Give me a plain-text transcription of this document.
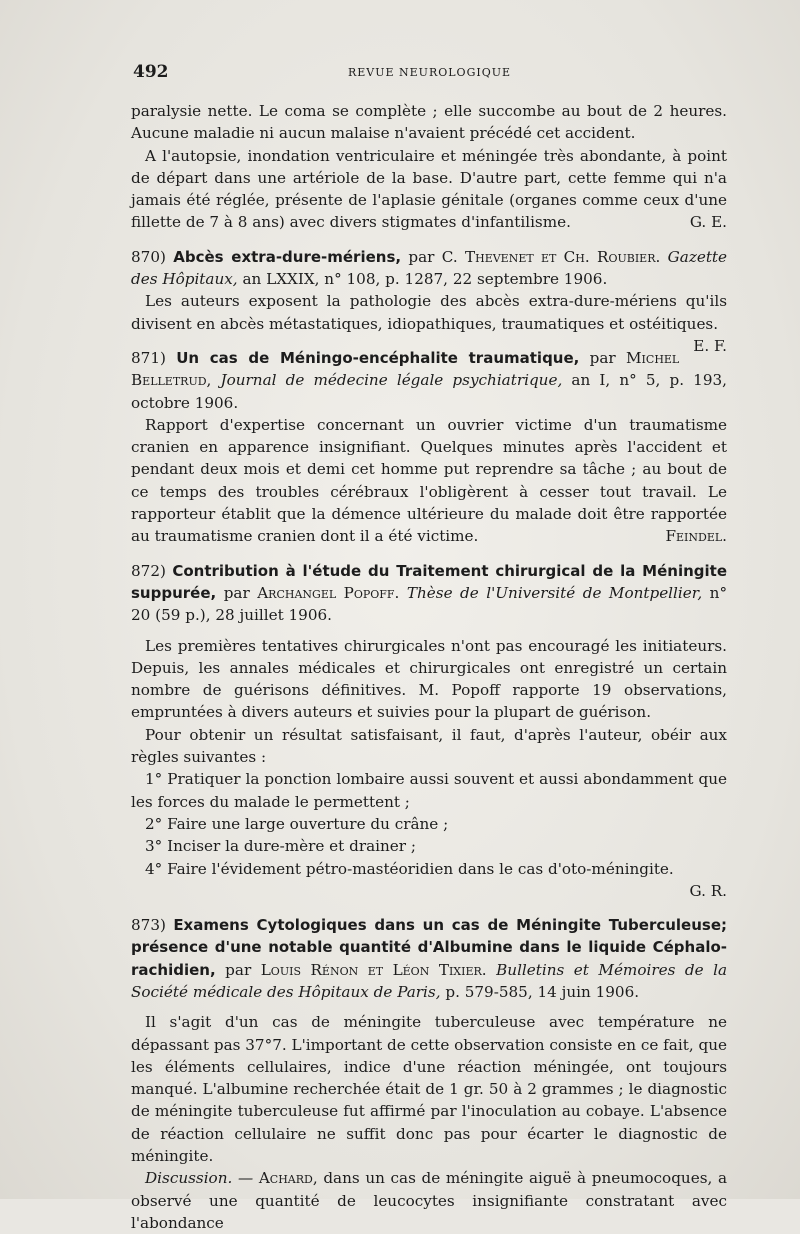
492	REVUE NEUROLOGIQUE

paralysie nette. Le coma se complète ; elle succombe au bout de 2 heures. Aucune maladie ni aucun malaise n'avaient précédé cet accident.

A l'autopsie, inondation ventriculaire et méningée très abondante, à point de départ dans une artériole de la base. D'autre part, cette femme qui n'a jamais été réglée, présente de l'aplasie génitale (organes comme ceux d'une fillette de 7 à 8 ans) avec divers stigmates d'infantilisme.	G. E.

870) Abcès extra-dure-mériens, par C. Thevenet et Ch. Roubier. Gazette des Hôpitaux, an LXXIX, n° 108, p. 1287, 22 septembre 1906.

Les auteurs exposent la pathologie des abcès extra-dure-mériens qu'ils divisent en abcès métastatiques, idiopathiques, traumatiques et ostéitiques.
E. F.

871) Un cas de Méningo-encéphalite traumatique, par Michel Belletrud, Journal de médecine légale psychiatrique, an I, n° 5, p. 193, octobre 1906.

Rapport d'expertise concernant un ouvrier victime d'un traumatisme cranien en apparence insignifiant. Quelques minutes après l'accident et pendant deux mois et demi cet homme put reprendre sa tâche ; au bout de ce temps des troubles cérébraux l'obligèrent à cesser tout travail. Le rapporteur établit que la démence ultérieure du malade doit être rapportée au traumatisme cranien dont il a été victime.	Feindel.

872) Contribution à l'étude du Traitement chirurgical de la Méningite suppurée, par Archangel Popoff. Thèse de l'Université de Montpellier, n° 20 (59 p.), 28 juillet 1906.

Les premières tentatives chirurgicales n'ont pas encouragé les initiateurs. Depuis, les annales médicales et chirurgicales ont enregistré un certain nombre de guérisons définitives. M. Popoff rapporte 19 observations, empruntées à divers auteurs et suivies pour la plupart de guérison.

Pour obtenir un résultat satisfaisant, il faut, d'après l'auteur, obéir aux règles suivantes :

1° Pratiquer la ponction lombaire aussi souvent et aussi abondamment que les forces du malade le permettent ;

2° Faire une large ouverture du crâne ;

3° Inciser la dure-mère et drainer ;

4° Faire l'évidement pétro-mastéoridien dans le cas d'oto-méningite.

G. R.

873) Examens Cytologiques dans un cas de Méningite Tuberculeuse; présence d'une notable quantité d'Albumine dans le liquide Céphalo-rachidien, par Louis Rénon et Léon Tixier. Bulletins et Mémoires de la Société médicale des Hôpitaux de Paris, p. 579-585, 14 juin 1906.

Il s'agit d'un cas de méningite tuberculeuse avec température ne dépassant pas 37°7. L'important de cette observation consiste en ce fait, que les éléments cellulaires, indice d'une réaction méningée, ont toujours manqué. L'albumine recherchée était de 1 gr. 50 à 2 grammes ; le diagnostic de méningite tuberculeuse fut affirmé par l'inoculation au cobaye. L'absence de réaction cellulaire ne suffit donc pas pour écarter le diagnostic de méningite.

Discussion. — Achard, dans un cas de méningite aiguë à pneumocoques, a observé une quantité de leucocytes insignifiante constratant avec l'abondance
